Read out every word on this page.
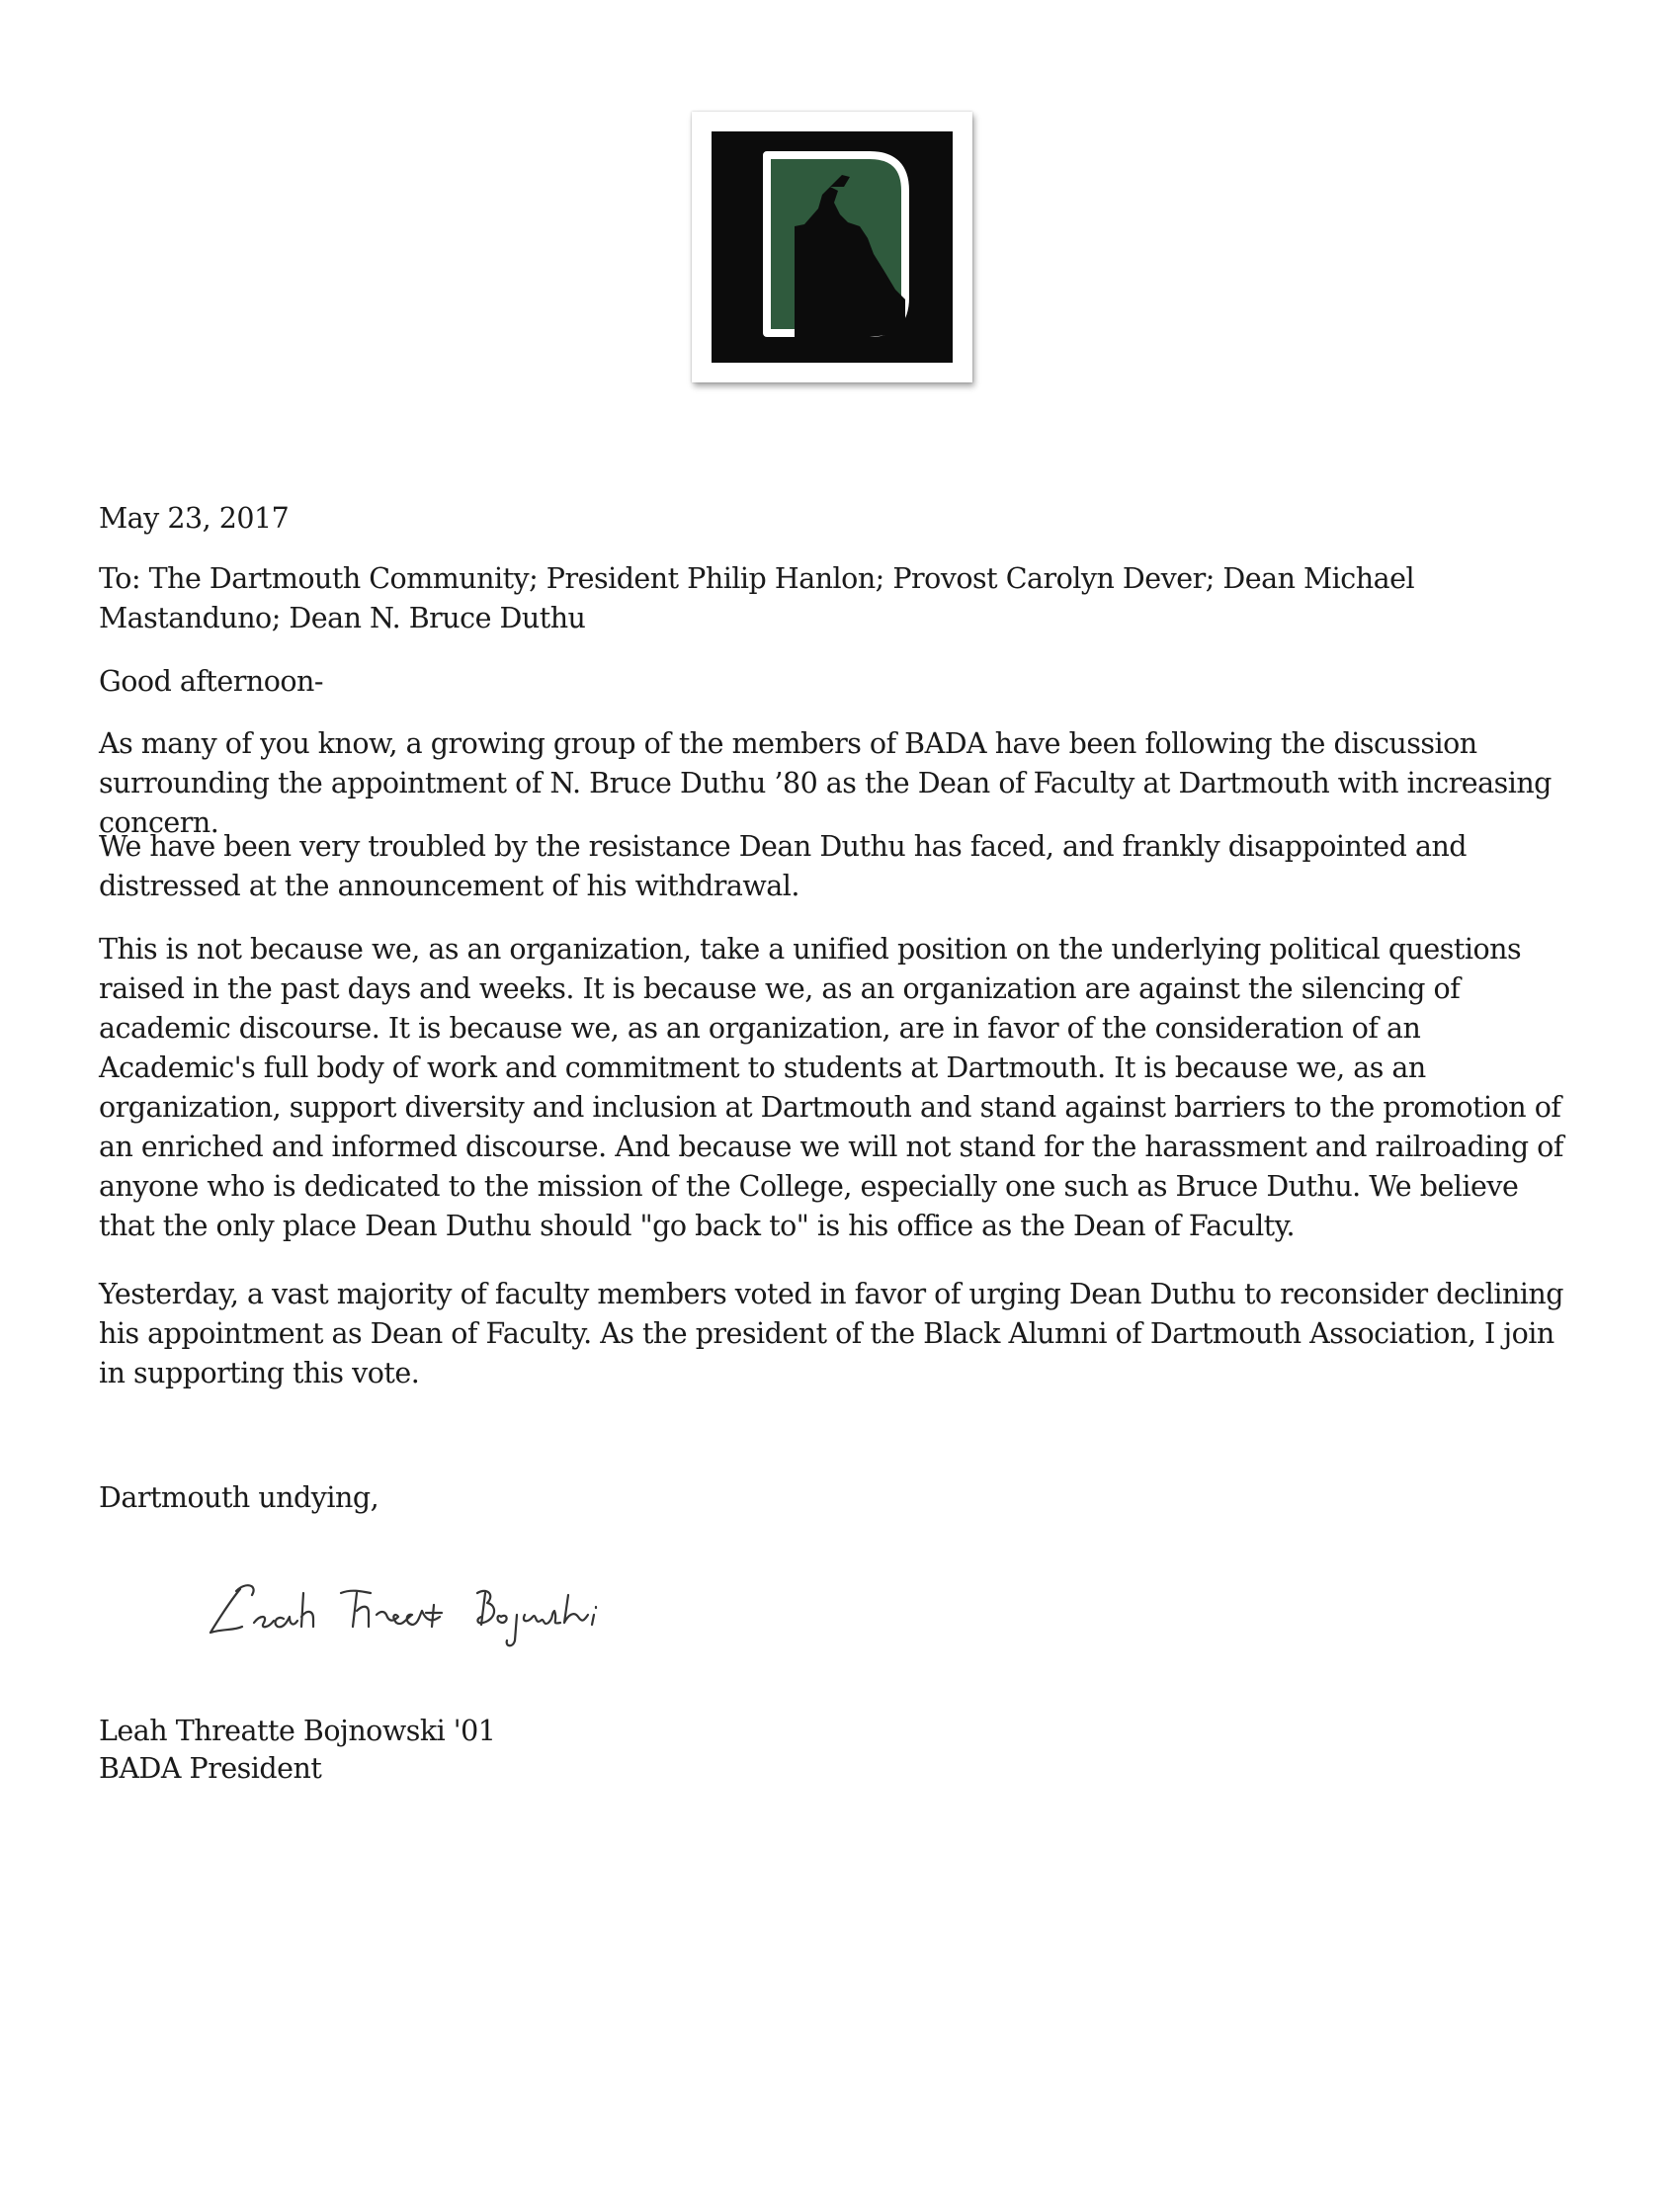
May 23, 2017

To: The Dartmouth Community; President Philip Hanlon; Provost Carolyn Dever; Dean Michael Mastanduno; Dean N. Bruce Duthu

Good afternoon-

As many of you know, a growing group of the members of BADA have been following the discussion surrounding the appointment of N. Bruce Duthu ’80 as the Dean of Faculty at Dartmouth with increasing concern.

We have been very troubled by the resistance Dean Duthu has faced, and frankly disappointed and distressed at the announcement of his withdrawal.

This is not because we, as an organization, take a unified position on the underlying political questions raised in the past days and weeks. It is because we, as an organization are against the silencing of academic discourse. It is because we, as an organization, are in favor of the consideration of an Academic's full body of work and commitment to students at Dartmouth. It is because we, as an organization, support diversity and inclusion at Dartmouth and stand against barriers to the promotion of an enriched and informed discourse. And because we will not stand for the harassment and railroading of anyone who is dedicated to the mission of the College, especially one such as Bruce Duthu. We believe that the only place Dean Duthu should "go back to" is his office as the Dean of Faculty.

Yesterday, a vast majority of faculty members voted in favor of urging Dean Duthu to reconsider declining his appointment as Dean of Faculty. As the president of the Black Alumni of Dartmouth Association, I join in supporting this vote.

Dartmouth undying,

Leah Threatte Bojnowski '01

BADA President
